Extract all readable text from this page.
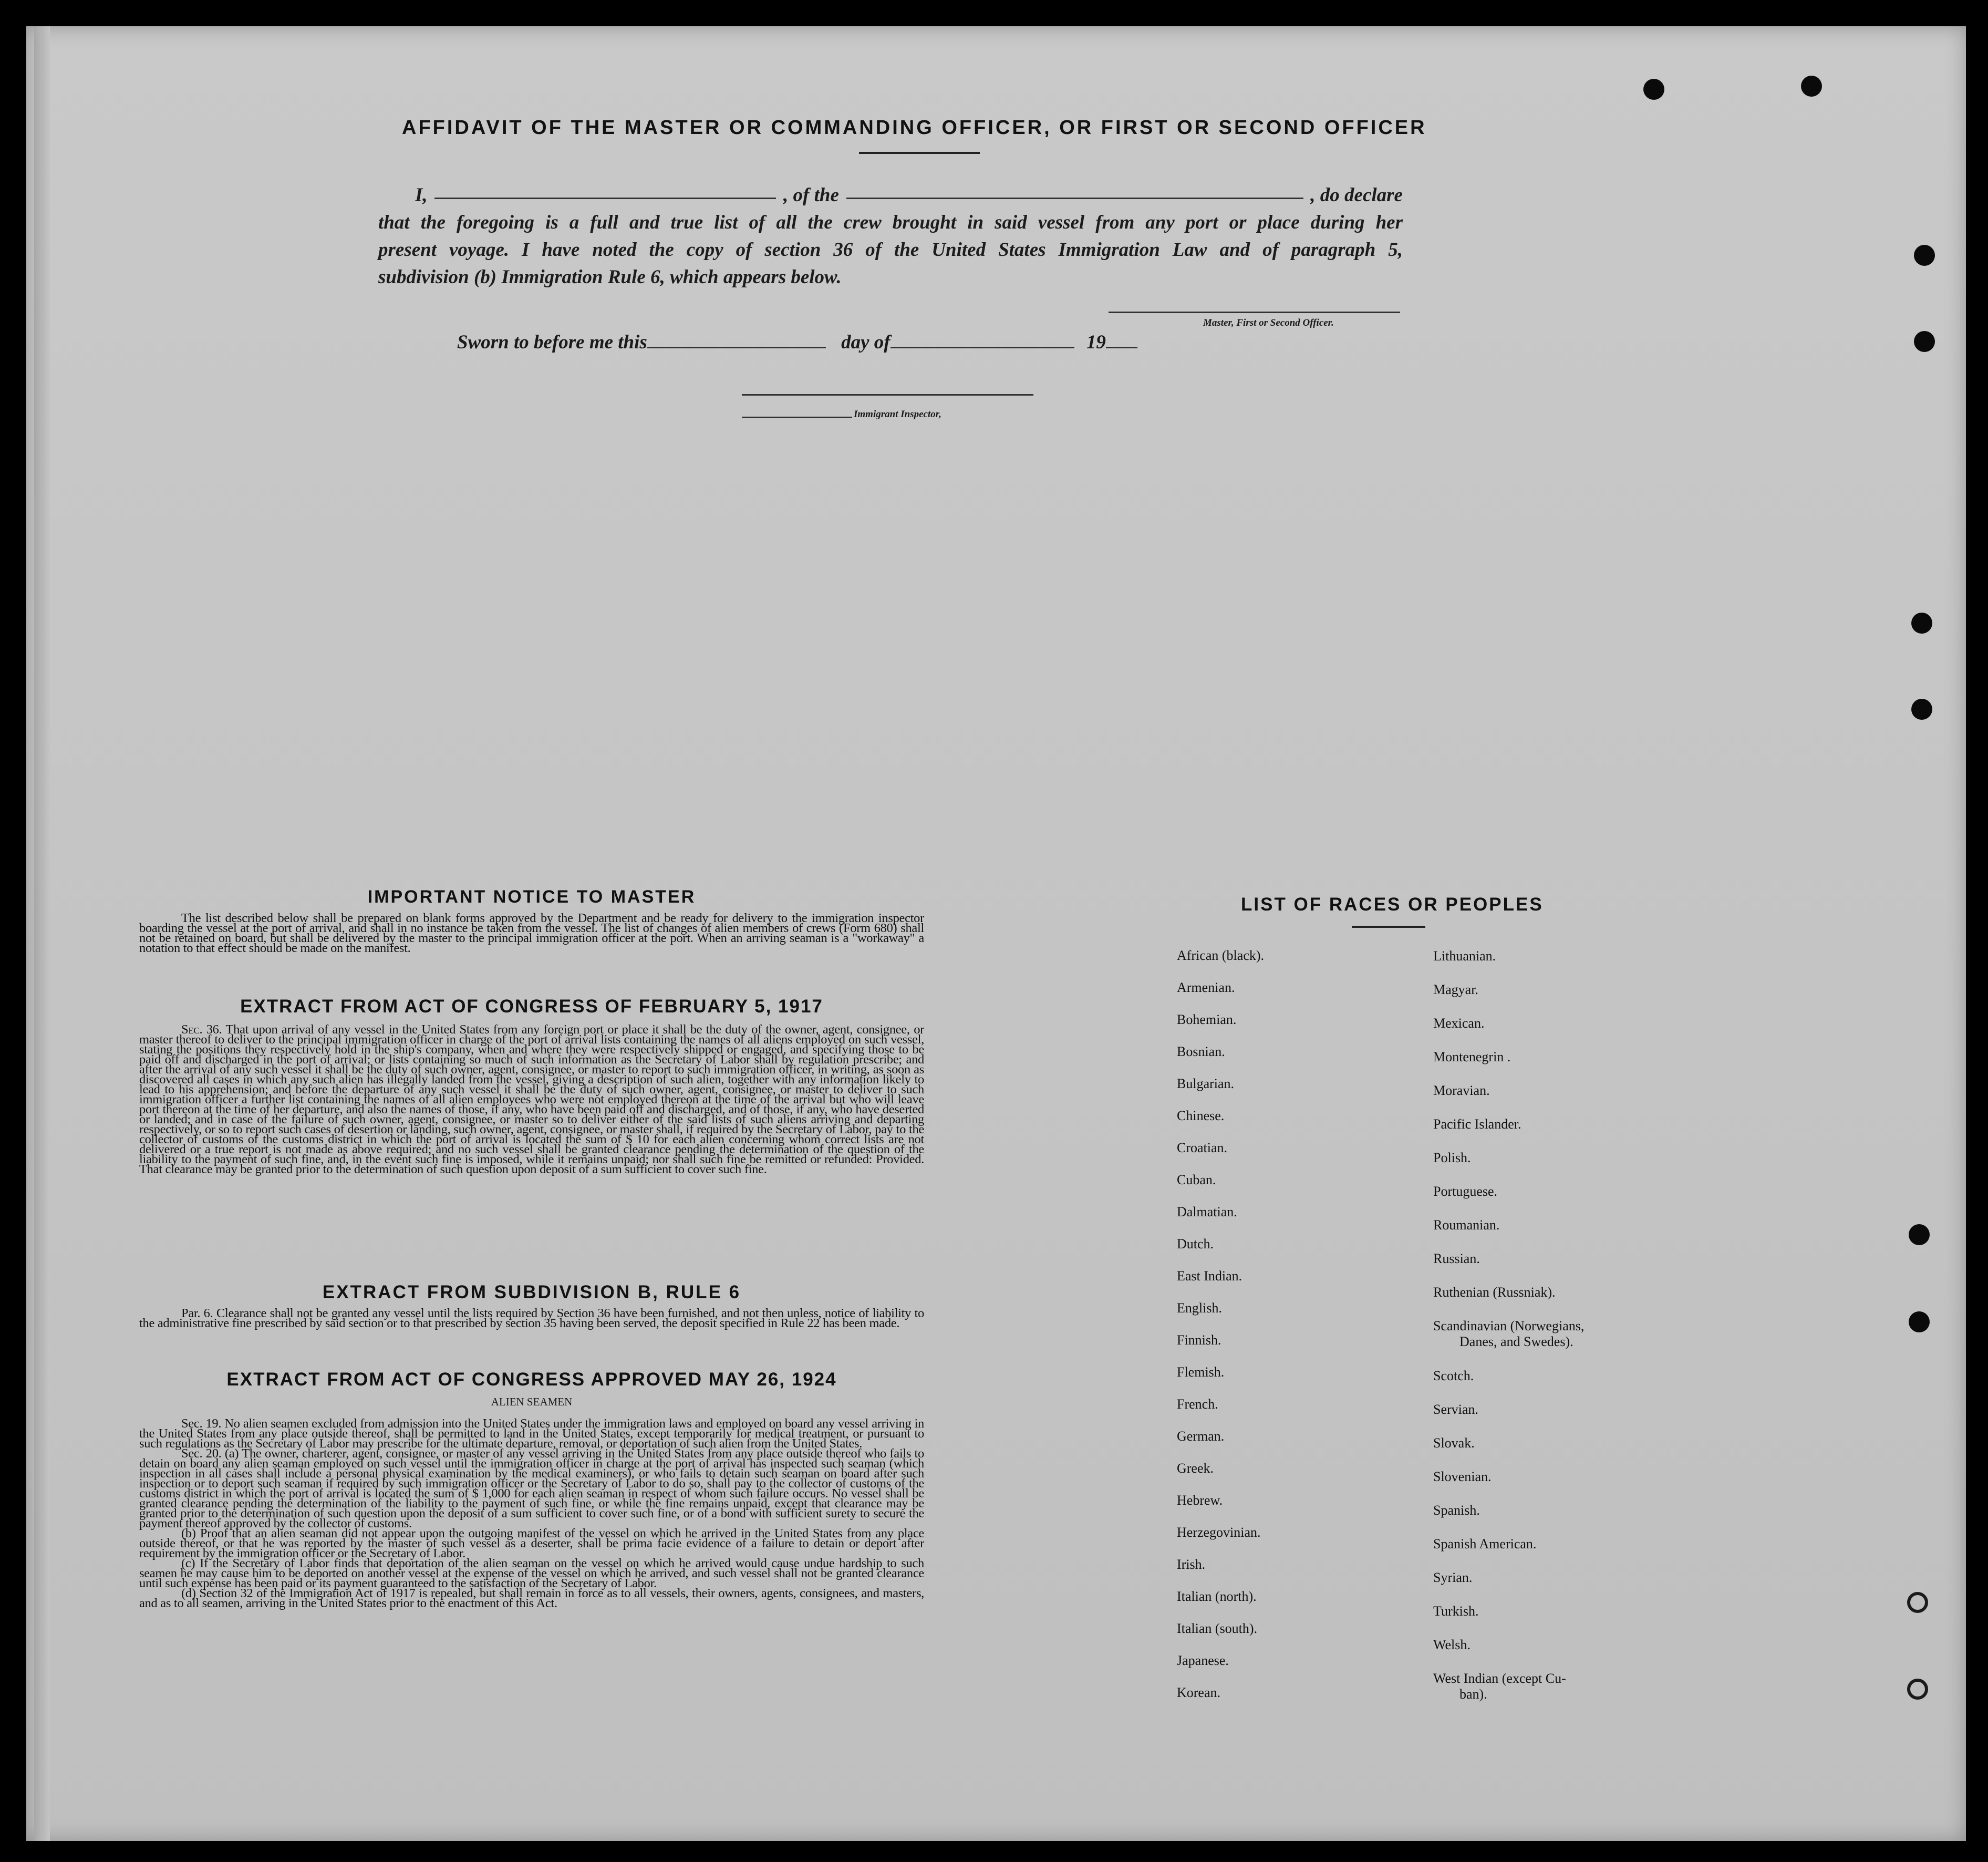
AFFIDAVIT OF THE MASTER OR COMMANDING OFFICER, OR FIRST OR SECOND OFFICER
I,	, of the	, do declare
that the foregoing is a full and true list of all the crew brought in said vessel from any port or place during her
present voyage. I have noted the copy of section 36 of the United States Immigration Law and of paragraph 5,
subdivision (b) Immigration Rule 6, which appears below.
Master, First or Second Officer.
Sworn to before me this	day of	19
Immigrant Inspector,
IMPORTANT NOTICE TO MASTER

The list described below shall be prepared on blank forms approved by the Department and be ready for delivery to the immigration inspector boarding the vessel at the port of arrival, and shall in no instance be taken from the vessel. The list of changes of alien members of crews (Form 680) shall not be retained on board, but shall be delivered by the master to the principal immigration officer at the port. When an arriving seaman is a "workaway" a notation to that effect should be made on the manifest.

EXTRACT FROM ACT OF CONGRESS OF FEBRUARY 5, 1917

Sec. 36. That upon arrival of any vessel in the United States from any foreign port or place it shall be the duty of the owner, agent, consignee, or master thereof to deliver to the principal immigration officer in charge of the port of arrival lists containing the names of all aliens employed on such vessel, stating the positions they respectively hold in the ship's company, when and where they were respectively shipped or engaged, and specifying those to be paid off and discharged in the port of arrival; or lists containing so much of such information as the Secretary of Labor shall by regulation prescribe; and after the arrival of any such vessel it shall be the duty of such owner, agent, consignee, or master to report to such immigration officer, in writing, as soon as discovered all cases in which any such alien has illegally landed from the vessel, giving a description of such alien, together with any information likely to lead to his apprehension; and before the departure of any such vessel it shall be the duty of such owner, agent, consignee, or master to deliver to such immigration officer a further list containing the names of all alien employees who were not employed thereon at the time of the arrival but who will leave port thereon at the time of her departure, and also the names of those, if any, who have been paid off and discharged, and of those, if any, who have deserted or landed; and in case of the failure of such owner, agent, consignee, or master so to deliver either of the said lists of such aliens arriving and departing respectively, or so to report such cases of desertion or landing, such owner, agent, consignee, or master shall, if required by the Secretary of Labor, pay to the collector of customs of the customs district in which the port of arrival is located the sum of $ 10 for each alien concerning whom correct lists are not delivered or a true report is not made as above required; and no such vessel shall be granted clearance pending the determination of the question of the liability to the payment of such fine, and, in the event such fine is imposed, while it remains unpaid; nor shall such fine be remitted or refunded: Provided. That clearance may be granted prior to the determination of such question upon deposit of a sum sufficient to cover such fine.

EXTRACT FROM SUBDIVISION B, RULE 6

Par. 6. Clearance shall not be granted any vessel until the lists required by Section 36 have been furnished, and not then unless, notice of liability to the administrative fine prescribed by said section or to that prescribed by section 35 having been served, the deposit specified in Rule 22 has been made.

EXTRACT FROM ACT OF CONGRESS APPROVED MAY 26, 1924
ALIEN SEAMEN

Sec. 19. No alien seamen excluded from admission into the United States under the immigration laws and employed on board any vessel arriving in the United States from any place outside thereof, shall be permitted to land in the United States, except temporarily for medical treatment, or pursuant to such regulations as the Secretary of Labor may prescribe for the ultimate departure, removal, or deportation of such alien from the United States.

Sec. 20. (a) The owner, charterer, agent, consignee, or master of any vessel arriving in the United States from any place outside thereof who fails to detain on board any alien seaman employed on such vessel until the immigration officer in charge at the port of arrival has inspected such seaman (which inspection in all cases shall include a personal physical examination by the medical examiners), or who fails to detain such seaman on board after such inspection or to deport such seaman if required by such immigration officer or the Secretary of Labor to do so, shall pay to the collector of customs of the customs district in which the port of arrival is located the sum of $ 1,000 for each alien seaman in respect of whom such failure occurs. No vessel shall be granted clearance pending the determination of the liability to the payment of such fine, or while the fine remains unpaid, except that clearance may be granted prior to the determination of such question upon the deposit of a sum sufficient to cover such fine, or of a bond with sufficient surety to secure the payment thereof approved by the collector of customs.

(b) Proof that an alien seaman did not appear upon the outgoing manifest of the vessel on which he arrived in the United States from any place outside thereof, or that he was reported by the master of such vessel as a deserter, shall be prima facie evidence of a failure to detain or deport after requirement by the immigration officer or the Secretary of Labor.

(c) If the Secretary of Labor finds that deportation of the alien seaman on the vessel on which he arrived would cause undue hardship to such seamen he may cause him to be deported on another vessel at the expense of the vessel on which he arrived, and such vessel shall not be granted clearance until such expense has been paid or its payment guaranteed to the satisfaction of the Secretary of Labor.

(d) Section 32 of the Immigration Act of 1917 is repealed, but shall remain in force as to all vessels, their owners, agents, consignees, and masters, and as to all seamen, arriving in the United States prior to the enactment of this Act.

LIST OF RACES OR PEOPLES
African (black).
Armenian.
Bohemian.
Bosnian.
Bulgarian.
Chinese.
Croatian.
Cuban.
Dalmatian.
Dutch.
East Indian.
English.
Finnish.
Flemish.
French.
German.
Greek.
Hebrew.
Herzegovinian.
Irish.
Italian (north).
Italian (south).
Japanese.
Korean.
Lithuanian.
Magyar.
Mexican.
Montenegrin .
Moravian.
Pacific Islander.
Polish.
Portuguese.
Roumanian.
Russian.
Ruthenian (Russniak).
Scandinavian (Norwegians,
Danes, and Swedes).
Scotch.
Servian.
Slovak.
Slovenian.
Spanish.
Spanish American.
Syrian.
Turkish.
Welsh.
West Indian (except Cu-
ban).
